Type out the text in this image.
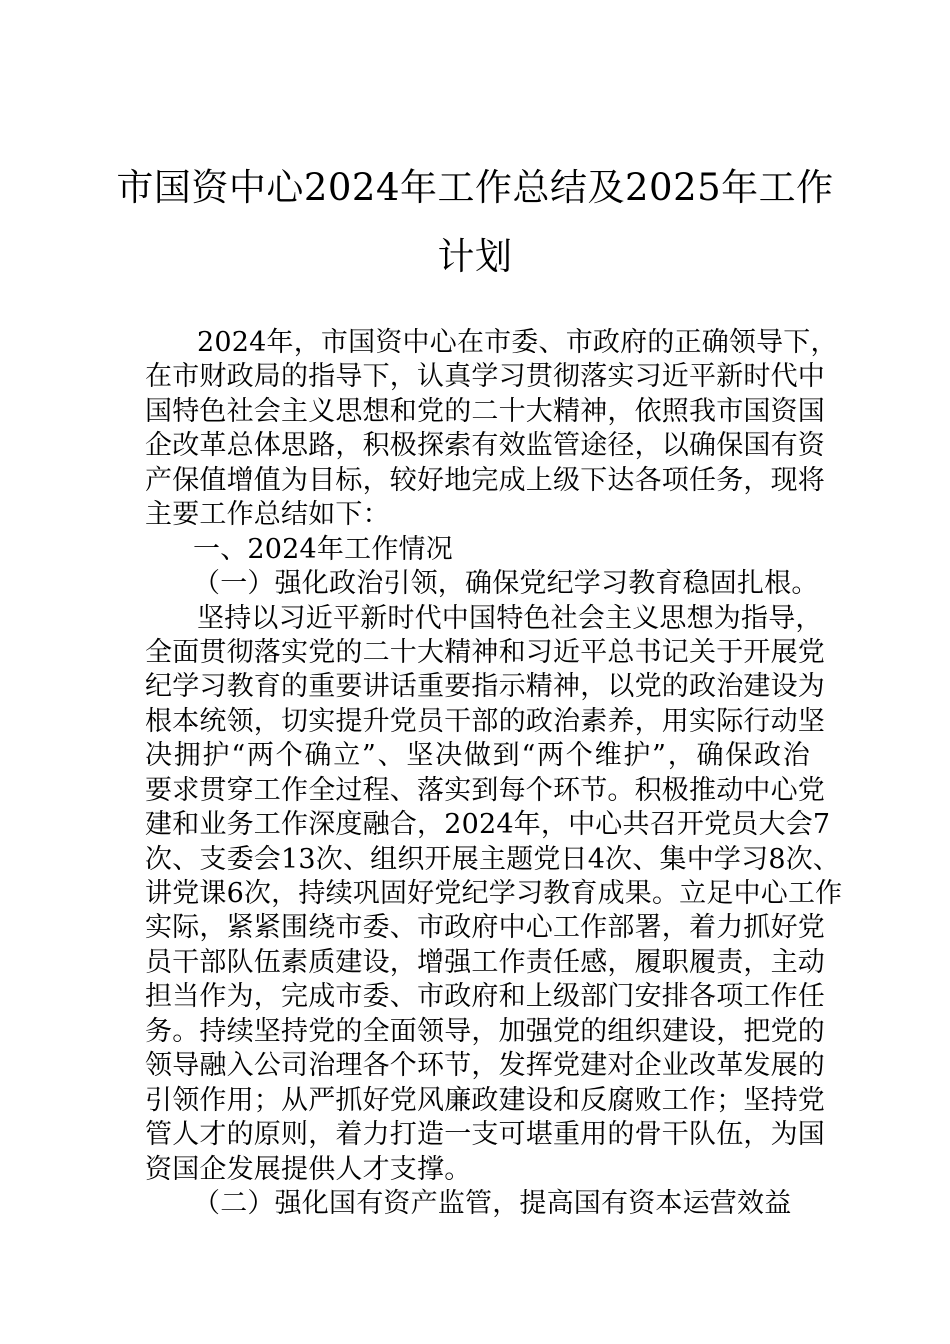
市国资中心2024年工作总结及2025年工作
计划
2024年，市国资中心在市委、市政府的正确领导下，
在市财政局的指导下，认真学习贯彻落实习近平新时代中
国特色社会主义思想和党的二十大精神，依照我市国资国
企改革总体思路，积极探索有效监管途径，以确保国有资
产保值增值为目标，较好地完成上级下达各项任务，现将
主要工作总结如下：
一、2024年工作情况
（一）强化政治引领，确保党纪学习教育稳固扎根。
坚持以习近平新时代中国特色社会主义思想为指导，
全面贯彻落实党的二十大精神和习近平总书记关于开展党
纪学习教育的重要讲话重要指示精神，以党的政治建设为
根本统领，切实提升党员干部的政治素养，用实际行动坚
决拥护“两个确立”、坚决做到“两个维护”，确保政治
要求贯穿工作全过程、落实到每个环节。积极推动中心党
建和业务工作深度融合，2024年，中心共召开党员大会7
次、支委会13次、组织开展主题党日4次、集中学习8次、
讲党课6次，持续巩固好党纪学习教育成果。立足中心工作
实际，紧紧围绕市委、市政府中心工作部署，着力抓好党
员干部队伍素质建设，增强工作责任感，履职履责，主动
担当作为，完成市委、市政府和上级部门安排各项工作任
务。持续坚持党的全面领导，加强党的组织建设，把党的
领导融入公司治理各个环节，发挥党建对企业改革发展的
引领作用；从严抓好党风廉政建设和反腐败工作；坚持党
管人才的原则，着力打造一支可堪重用的骨干队伍，为国
资国企发展提供人才支撑。
（二）强化国有资产监管，提高国有资本运营效益
